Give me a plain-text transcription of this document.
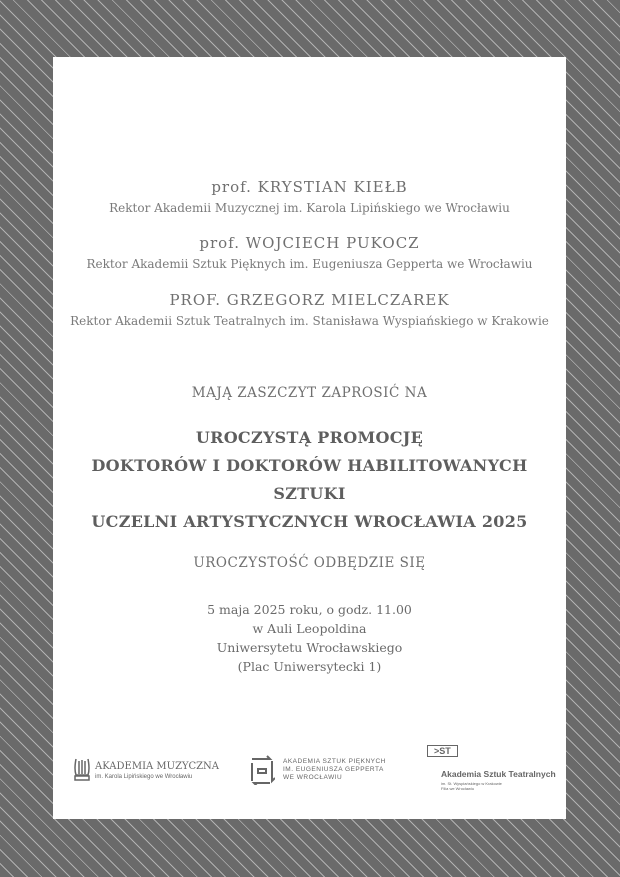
prof. KRYSTIAN KIEŁB
Rektor Akademii Muzycznej im. Karola Lipińskiego we Wrocławiu
prof. WOJCIECH PUKOCZ
Rektor Akademii Sztuk Pięknych im. Eugeniusza Gepperta we Wrocławiu
PROF. GRZEGORZ MIELCZAREK
Rektor Akademii Sztuk Teatralnych im. Stanisława Wyspiańskiego w Krakowie
MAJĄ ZASZCZYT ZAPROSIĆ NA
UROCZYSTĄ PROMOCJĘ
DOKTORÓW I DOKTORÓW HABILITOWANYCH SZTUKI
UCZELNI ARTYSTYCZNYCH WROCŁAWIA 2025
UROCZYSTOŚĆ ODBĘDZIE SIĘ
5 maja 2025 roku, o godz. 11.00
w Auli Leopoldina
Uniwersytetu Wrocławskiego
(Plac Uniwersytecki 1)
AKADEMIA MUZYCZNA
im. Karola Lipińskiego we Wrocławiu
AKADEMIA SZTUK PIĘKNYCH
IM. EUGENIUSZA GEPPERTA
WE WROCŁAWIU
>ST
Akademia Sztuk Teatralnych
im. St. Wyspiańskiego w Krakowie
Filia we Wrocławiu
